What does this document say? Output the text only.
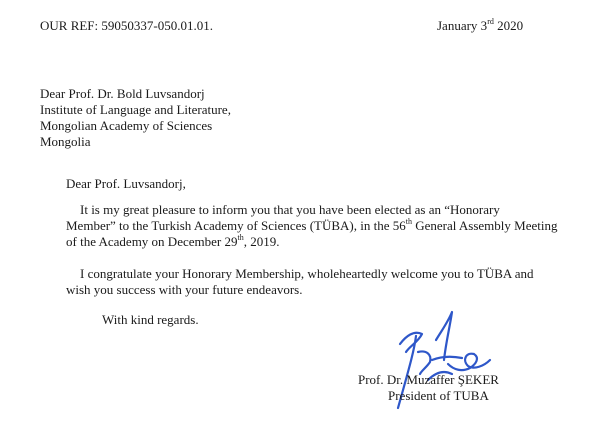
OUR REF: 59050337-050.01.01.	January 3rd 2020
Dear Prof. Dr. Bold Luvsandorj
Institute of Language and Literature,
Mongolian Academy of Sciences
Mongolia
Dear Prof. Luvsandorj,
It is my great pleasure to inform you that you have been elected as an “Honorary
Member” to the Turkish Academy of Sciences (TÜBA), in the 56th General Assembly Meeting
of the Academy on December 29th, 2019.
I congratulate your Honorary Membership, wholeheartedly welcome you to TÜBA and
wish you success with your future endeavors.
With kind regards.
Prof. Dr. Muzaffer ŞEKER
President of TUBA
